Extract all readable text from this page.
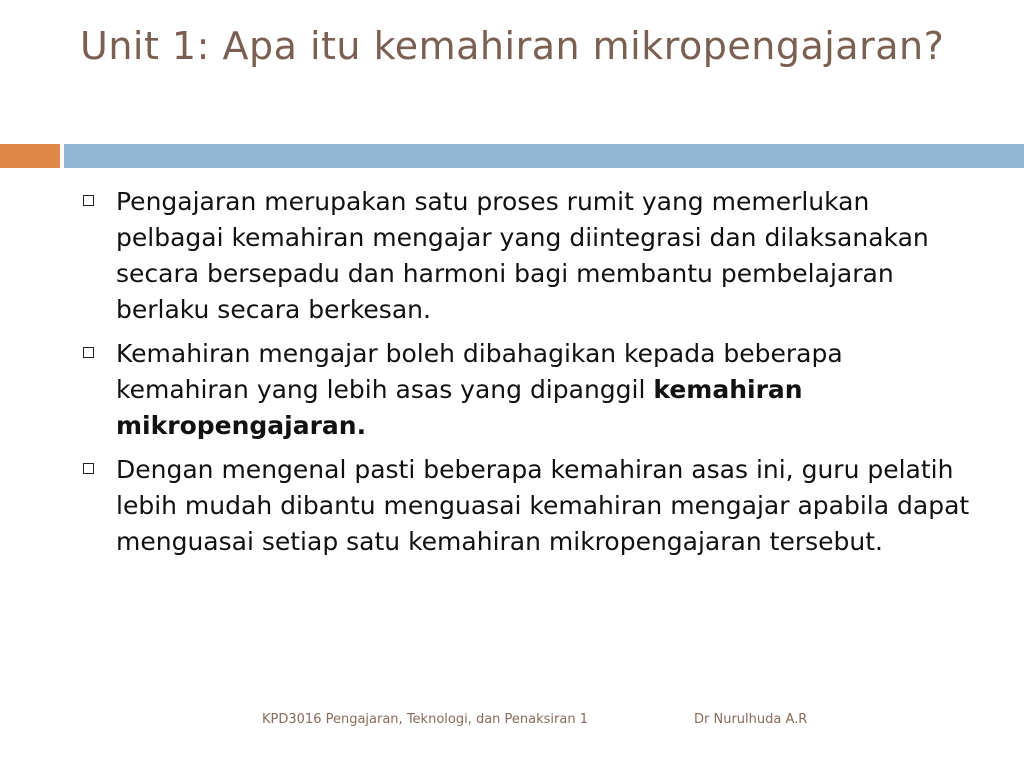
Unit 1: Apa itu kemahiran mikropengajaran?
Pengajaran merupakan satu proses rumit yang memerlukan pelbagai kemahiran mengajar yang diintegrasi dan dilaksanakan secara bersepadu dan harmoni bagi membantu pembelajaran berlaku secara berkesan.
Kemahiran mengajar boleh dibahagikan kepada beberapa kemahiran yang lebih asas yang dipanggil kemahiran mikropengajaran.
Dengan mengenal pasti beberapa kemahiran asas ini, guru pelatih lebih mudah dibantu menguasai kemahiran mengajar apabila dapat menguasai setiap satu kemahiran mikropengajaran tersebut.
KPD3016 Pengajaran, Teknologi, dan Penaksiran 1	Dr Nurulhuda A.R
